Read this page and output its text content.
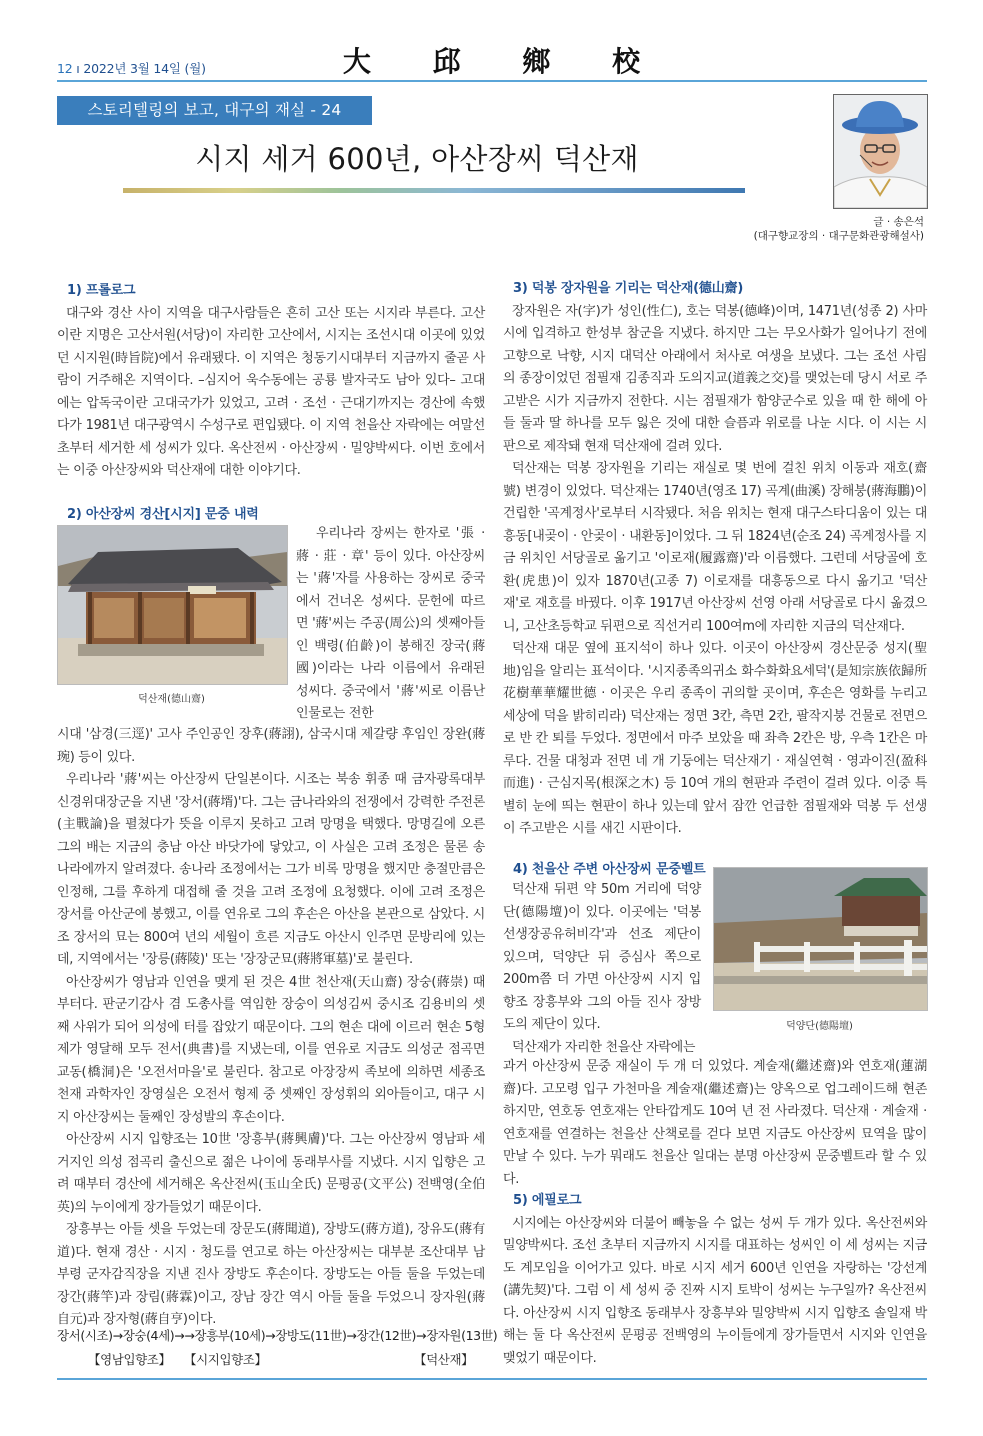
12 ı 2022년 3월 14일 (월)	大 邱 鄉 校
스토리텔링의 보고, 대구의 재실 - 24
시지 세거 600년, 아산장씨 덕산재
글 · 송은석
(대구향교장의 · 대구문화관광해설사)
1) 프롤로그

대구와 경산 사이 지역을 대구사람들은 흔히 고산 또는 시지라 부른다. 고산이란 지명은 고산서원(서당)이 자리한 고산에서, 시지는 조선시대 이곳에 있었던 시지원(時旨院)에서 유래됐다. 이 지역은 청동기시대부터 지금까지 줄곧 사람이 거주해온 지역이다. –심지어 욱수동에는 공룡 발자국도 남아 있다– 고대에는 압독국이란 고대국가가 있었고, 고려 · 조선 · 근대기까지는 경산에 속했다가 1981년 대구광역시 수성구로 편입됐다. 이 지역 천을산 자락에는 여말선초부터 세거한 세 성씨가 있다. 옥산전씨 · 아산장씨 · 밀양박씨다. 이번 호에서는 이중 아산장씨와 덕산재에 대한 이야기다.

2) 아산장씨 경산[시지] 문중 내력
덕산재(德山齋)

우리나라 장씨는 한자로 '張 · 蔣 · 莊 · 章' 등이 있다. 아산장씨는 '蔣'자를 사용하는 장씨로 중국에서 건너온 성씨다. 문헌에 따르면 '蔣'씨는 주공(周公)의 셋째아들인 백령(伯齡)이 봉해진 장국(蔣國)이라는 나라 이름에서 유래된 성씨다. 중국에서 '蔣'씨로 이름난 인물로는 전한

시대 '삼경(三逕)' 고사 주인공인 장후(蔣詡), 삼국시대 제갈량 후임인 장완(蔣琬) 등이 있다.

우리나라 '蔣'씨는 아산장씨 단일본이다. 시조는 북송 휘종 때 금자광록대부 신경위대장군을 지낸 '장서(蔣壻)'다. 그는 금나라와의 전쟁에서 강력한 주전론(主戰論)을 펼쳤다가 뜻을 이루지 못하고 고려 망명을 택했다. 망명길에 오른 그의 배는 지금의 충남 아산 바닷가에 닿았고, 이 사실은 고려 조정은 물론 송나라에까지 알려졌다. 송나라 조정에서는 그가 비록 망명을 했지만 충절만큼은 인정해, 그를 후하게 대접해 줄 것을 고려 조정에 요청했다. 이에 고려 조정은 장서를 아산군에 봉했고, 이를 연유로 그의 후손은 아산을 본관으로 삼았다. 시조 장서의 묘는 800여 년의 세월이 흐른 지금도 아산시 인주면 문방리에 있는데, 지역에서는 '장릉(蔣陵)' 또는 '장장군묘(蔣將軍墓)'로 불린다.

아산장씨가 영남과 인연을 맺게 된 것은 4世 천산재(天山齋) 장숭(蔣崇) 때부터다. 판군기감사 겸 도총사를 역임한 장숭이 의성김씨 중시조 김용비의 셋째 사위가 되어 의성에 터를 잡았기 때문이다. 그의 현손 대에 이르러 현손 5형제가 영달해 모두 전서(典書)를 지냈는데, 이를 연유로 지금도 의성군 점곡면 교동(橋洞)은 '오전서마을'로 불린다. 참고로 아장장씨 족보에 의하면 세종조 천재 과학자인 장영실은 오전서 형제 중 셋째인 장성휘의 외아들이고, 대구 시지 아산장씨는 둘째인 장성발의 후손이다.

아산장씨 시지 입향조는 10世 '장흥부(蔣興膚)'다. 그는 아산장씨 영남파 세거지인 의성 점곡리 출신으로 젊은 나이에 동래부사를 지냈다. 시지 입향은 고려 때부터 경산에 세거해온 옥산전씨(玉山全氏) 문평공(文平公) 전백영(全伯英)의 누이에게 장가들었기 때문이다.

장흥부는 아들 셋을 두었는데 장문도(蔣聞道), 장방도(蔣方道), 장유도(蔣有道)다. 현재 경산 · 시지 · 청도를 연고로 하는 아산장씨는 대부분 조산대부 남부령 군자감직장을 지낸 진사 장방도 후손이다. 장방도는 아들 둘을 두었는데 장간(蔣竿)과 장림(蔣霖)이고, 장남 장간 역시 아들 둘을 두었으니 장자원(蔣自元)과 장자형(蔣自亨)이다.

장서(시조)→장숭(4세)→→장흥부(10세)→장방도(11世)→장간(12世)→장자원(13世)
【영남입향조】 【시지입향조】	【덕산재】
3) 덕봉 장자원을 기리는 덕산재(德山齋)

장자원은 자(字)가 성인(性仁), 호는 덕봉(德峰)이며, 1471년(성종 2) 사마시에 입격하고 한성부 참군을 지냈다. 하지만 그는 무오사화가 일어나기 전에 고향으로 낙향, 시지 대덕산 아래에서 처사로 여생을 보냈다. 그는 조선 사림의 종장이었던 점필재 김종직과 도의지교(道義之交)를 맺었는데 당시 서로 주고받은 시가 지금까지 전한다. 시는 점필재가 함양군수로 있을 때 한 해에 아들 둘과 딸 하나를 모두 잃은 것에 대한 슬픔과 위로를 나눈 시다. 이 시는 시판으로 제작돼 현재 덕산재에 걸려 있다.

덕산재는 덕봉 장자원을 기리는 재실로 몇 번에 걸친 위치 이동과 재호(齋號) 변경이 있었다. 덕산재는 1740년(영조 17) 곡계(曲溪) 장해붕(蔣海鵬)이 건립한 '곡계정사'로부터 시작됐다. 처음 위치는 현재 대구스타디움이 있는 대흥동[내곶이 · 안곶이 · 내환동]이었다. 그 뒤 1824년(순조 24) 곡계정사를 지금 위치인 서당골로 옮기고 '이로재(履露齋)'라 이름했다. 그런데 서당골에 호환(虎患)이 있자 1870년(고종 7) 이로재를 대흥동으로 다시 옮기고 '덕산재'로 재호를 바꿨다. 이후 1917년 아산장씨 선영 아래 서당골로 다시 옮겼으니, 고산초등학교 뒤편으로 직선거리 100여m에 자리한 지금의 덕산재다.

덕산재 대문 옆에 표지석이 하나 있다. 이곳이 아산장씨 경산문중 성지(聖地)임을 알리는 표석이다. '시지종족의귀소 화수화화요세덕'(是知宗族依歸所 花樹華華耀世德 · 이곳은 우리 종족이 귀의할 곳이며, 후손은 영화를 누리고 세상에 덕을 밝히리라) 덕산재는 정면 3칸, 측면 2칸, 팔작지붕 건물로 전면으로 반 칸 퇴를 두었다. 정면에서 마주 보았을 때 좌측 2칸은 방, 우측 1칸은 마루다. 건물 대청과 전면 네 개 기둥에는 덕산재기 · 재실연혁 · 영과이진(盈科而進) · 근심지목(根深之木) 등 10여 개의 현판과 주련이 걸려 있다. 이중 특별히 눈에 띄는 현판이 하나 있는데 앞서 잠깐 언급한 점필재와 덕봉 두 선생이 주고받은 시를 새긴 시판이다.

4) 천을산 주변 아산장씨 문중벨트

덕산재 뒤편 약 50m 거리에 덕양단(德陽壇)이 있다. 이곳에는 '덕봉선생장공유허비각'과 선조 제단이 있으며, 덕양단 뒤 증심사 쪽으로 200m쯤 더 가면 아산장씨 시지 입향조 장흥부와 그의 아들 진사 장방도의 제단이 있다.

덕산재가 자리한 천을산 자락에는

덕양단(德陽壇)

과거 아산장씨 문중 재실이 두 개 더 있었다. 계술재(繼述齋)와 연호재(蓮湖齋)다. 고모령 입구 가천마을 계술재(繼述齋)는 양옥으로 업그레이드해 현존하지만, 연호동 연호재는 안타깝게도 10여 년 전 사라졌다. 덕산재 · 계술재 · 연호재를 연결하는 천을산 산책로를 걷다 보면 지금도 아산장씨 묘역을 많이 만날 수 있다. 누가 뭐래도 천을산 일대는 분명 아산장씨 문중벨트라 할 수 있다.

5) 에필로그

시지에는 아산장씨와 더불어 빼놓을 수 없는 성씨 두 개가 있다. 옥산전씨와 밀양박씨다. 조선 초부터 지금까지 시지를 대표하는 성씨인 이 세 성씨는 지금도 계모임을 이어가고 있다. 바로 시지 세거 600년 인연을 자랑하는 '강선계(講先契)'다. 그럼 이 세 성씨 중 진짜 시지 토박이 성씨는 누구일까? 옥산전씨다. 아산장씨 시지 입향조 동래부사 장흥부와 밀양박씨 시지 입향조 솔일재 박해는 둘 다 옥산전씨 문평공 전백영의 누이들에게 장가들면서 시지와 인연을 맺었기 때문이다.
